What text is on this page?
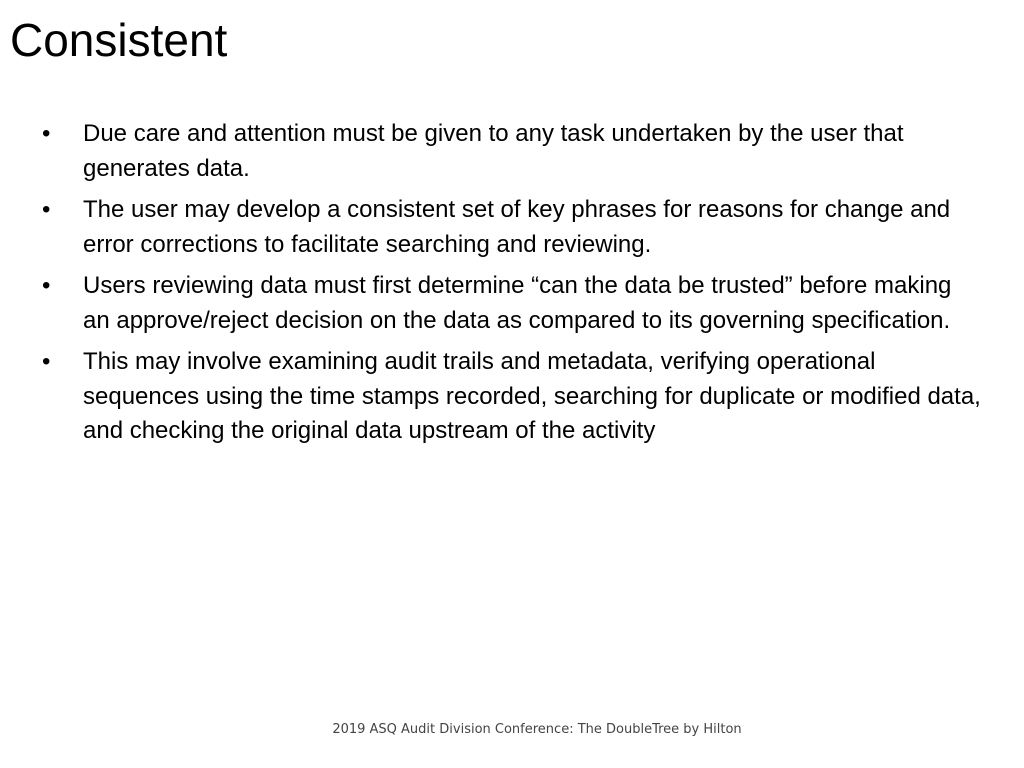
Consistent
•	Due care and attention must be given to any task undertaken by the user that generates data.
•	The user may develop a consistent set of key phrases for reasons for change and error corrections to facilitate searching and reviewing.
•	Users reviewing data must first determine “can the data be trusted” before making an approve/reject decision on the data as compared to its governing specification.
•	This may involve examining audit trails and metadata, verifying operational sequences using the time stamps recorded, searching for duplicate or modified data, and checking the original data upstream of the activity
2019 ASQ Audit Division Conference: The DoubleTree by Hilton
